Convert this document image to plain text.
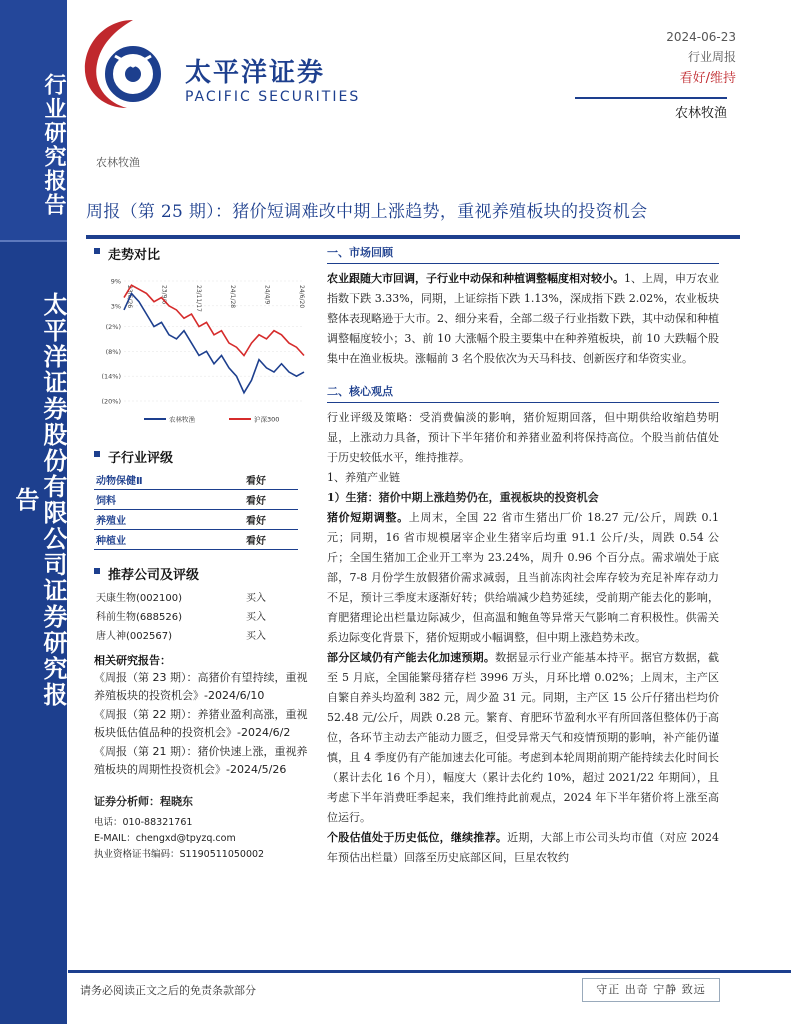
行业研究报告
太平洋证券股份有限公司证券研究报告
太平洋证券
PACIFIC SECURITIES
2024-06-23
行业周报
看好/维持
农林牧渔
农林牧渔
周报（第 25 期）：猪价短调难改中期上涨趋势，重视养殖板块的投资机会
走势对比
9%
3%
(2%)
(8%)
(14%)
(20%)
23/6/26	23/9/6	23/11/17	24/1/28	24/4/9	24/6/20
农林牧渔	沪深300
子行业评级
动物保健Ⅱ	看好
饲料	看好
养殖业	看好
种植业	看好
推荐公司及评级
天康生物(002100)	买入
科前生物(688526)	买入
唐人神(002567)	买入
相关研究报告：
《周报（第 23 期）：高猪价有望持续，重视养殖板块的投资机会》-2024/6/10
《周报（第 22 期）：养猪业盈利高涨，重视板块低估值品种的投资机会》-2024/6/2
《周报（第 21 期）：猪价快速上涨，重视养殖板块的周期性投资机会》-2024/5/26
证券分析师：程晓东
电话：010-88321761
E-MAIL：chengxd@tpyzq.com
执业资格证书编码：S1190511050002
一、市场回顾
农业跟随大市回调，子行业中动保和种植调整幅度相对较小。1、上周，申万农业指数下跌 3.33%，同期，上证综指下跌 1.13%，深成指下跌 2.02%，农业板块整体表现略逊于大市。2、细分来看，全部二级子行业指数下跌，其中动保和种植调整幅度较小；3、前 10 大涨幅个股主要集中在种养殖板块，前 10 大跌幅个股集中在渔业板块。涨幅前 3 名个股依次为天马科技、创新医疗和华资实业。
二、核心观点
行业评级及策略：受消费偏淡的影响，猪价短期回落，但中期供给收缩趋势明显，上涨动力具备，预计下半年猪价和养猪业盈利将保持高位。个股当前估值处于历史较低水平，维持推荐。
1、养殖产业链
1）生猪：猪价中期上涨趋势仍在，重视板块的投资机会
猪价短期调整。上周末，全国 22 省市生猪出厂价 18.27 元/公斤，周跌 0.1 元；同期，16 省市规模屠宰企业生猪宰后均重 91.1 公斤/头，周跌 0.54 公斤；全国生猪加工企业开工率为 23.24%，周升 0.96 个百分点。需求端处于底部，7-8 月份学生放假猪价需求减弱，且当前冻肉社会库存较为充足补库存动力不足，预计三季度末逐渐好转；供给端减少趋势延续，受前期产能去化的影响，育肥猪理论出栏量边际减少，但高温和鲍鱼等异常天气影响二育积极性。供需关系边际变化背景下，猪价短期或小幅调整，但中期上涨趋势未改。
部分区域仍有产能去化加速预期。数据显示行业产能基本持平。据官方数据，截至 5 月底，全国能繁母猪存栏 3996 万头，月环比增 0.02%；上周末，主产区自繁自养头均盈利 382 元，周少盈 31 元。同期，主产区 15 公斤仔猪出栏均价 52.48 元/公斤，周跌 0.28 元。繁育、育肥环节盈利水平有所回落但整体仍于高位，各环节主动去产能动力匮乏，但受异常天气和疫情预期的影响，补产能仍谨慎，且 4 季度仍有产能加速去化可能。考虑到本轮周期前期产能持续去化时间长（累计去化 16 个月），幅度大（累计去化约 10%，超过 2021/22 年期间），且考虑下半年消费旺季起来，我们维持此前观点，2024 年下半年猪价将上涨至高位运行。
个股估值处于历史低位，继续推荐。近期，大部上市公司头均市值（对应 2024 年预估出栏量）回落至历史底部区间，巨星农牧约
请务必阅读正文之后的免责条款部分	守正 出奇 宁静 致远
